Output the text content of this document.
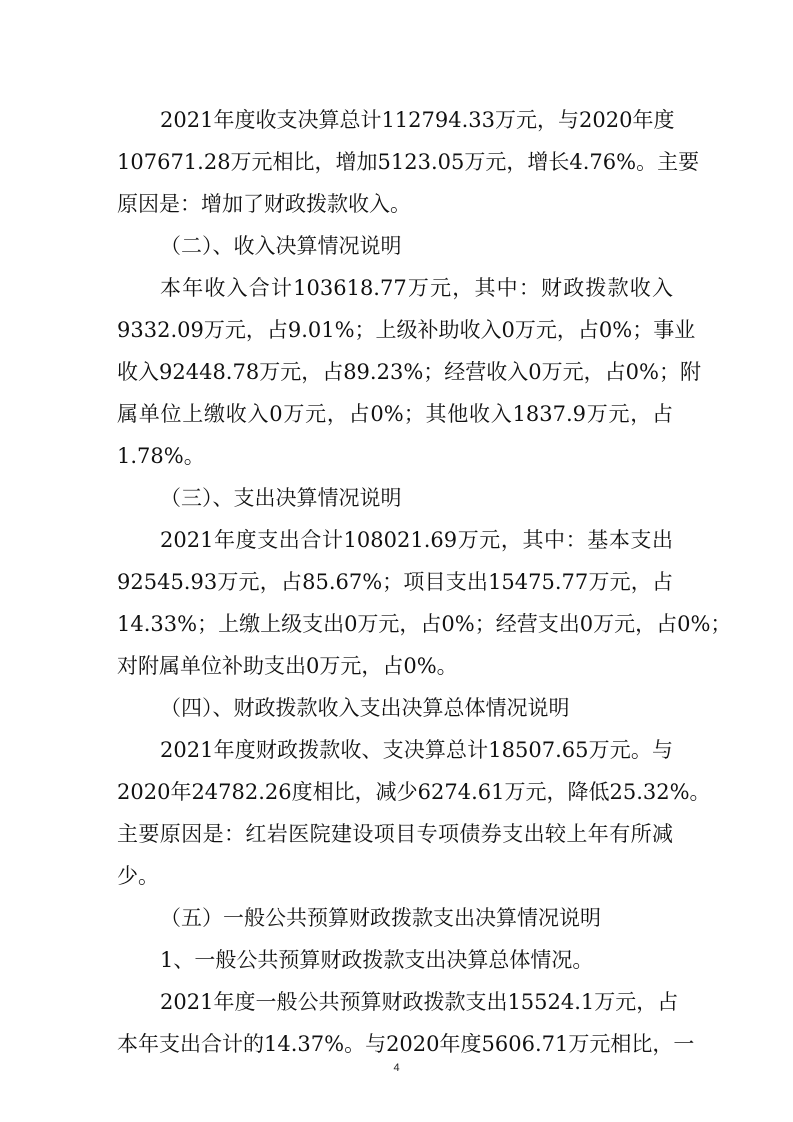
2021年度收支决算总计112794.33万元，与2020年度
107671.28万元相比，增加5123.05万元，增长4.76%。主要
原因是：增加了财政拨款收入。
（二）、收入决算情况说明
本年收入合计103618.77万元，其中：财政拨款收入
9332.09万元，占9.01%；上级补助收入0万元，占0%；事业
收入92448.78万元，占89.23%；经营收入0万元，占0%；附
属单位上缴收入0万元，占0%；其他收入1837.9万元，占
1.78%。
（三）、支出决算情况说明
2021年度支出合计108021.69万元，其中：基本支出
92545.93万元，占85.67%；项目支出15475.77万元，占
14.33%；上缴上级支出0万元，占0%；经营支出0万元，占0%；
对附属单位补助支出0万元，占0%。
（四）、财政拨款收入支出决算总体情况说明
2021年度财政拨款收、支决算总计18507.65万元。与
2020年24782.26度相比，减少6274.61万元，降低25.32%。
主要原因是：红岩医院建设项目专项债券支出较上年有所减
少。
（五）一般公共预算财政拨款支出决算情况说明
1、一般公共预算财政拨款支出决算总体情况。
2021年度一般公共预算财政拨款支出15524.1万元，占
本年支出合计的14.37%。与2020年度5606.71万元相比，一
4
